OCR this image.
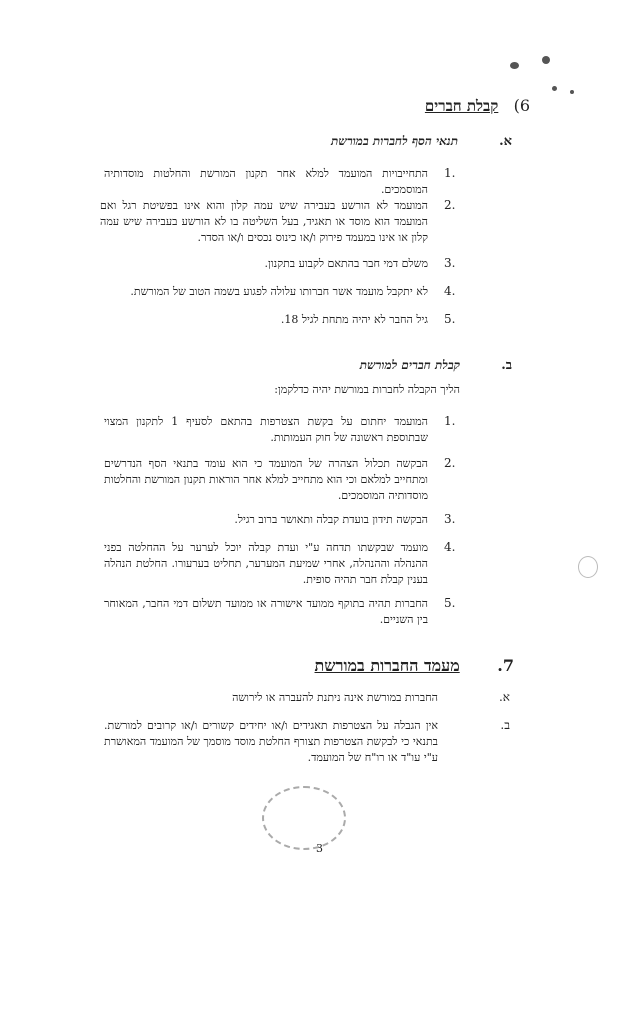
6) קבלת חברים
א. תנאי הסף לחברות במורשת
1.
התחייבויות המועמד למלא אחר תקנון המורשת והחלטות מוסדותיה המוסמכים.
2.
המועמד לא הורשע בעבירה שיש עמה קלון והוא אינו בפשיטת רגל ואם המועמד הוא מוסד או תאגיד, בעל השליטה בו לא הורשע בעבירה שיש עמה קלון או אינו במעמד פירוק ו/או כינוס נכסים ו/או הסדר.
3.
משלם דמי חבר בהתאם לקבוע בתקנון.
4.
לא יתקבל מועמד אשר חברותו עלולה לפגוע בשמה הטוב של המורשת.
5.
גיל החבר לא יהיה מתחת לגיל 18.
ב. קבלת חברים למורשת
הליך הקבלה לחברות במורשת יהיה כדלקמן:
1.
המועמד יחתום על בקשת הצטרפות בהתאם לסעיף 1 לתקנון המצוי שבתוספת ראשונה של חוק העמותות.
2.
הבקשה תכלול הצהרה של המועמד כי הוא עומד בתנאי הסף הנדרשים ומתחייב למלאם וכי הוא מתחייב למלא אחר הוראות תקנון המורשת והחלטות מוסדותיה המוסמכים.
3.
הבקשה תידון בועדת קבלה ותאושר ברוב רגיל.
4.
מועמד שבקשתו תדחה ע"י ועדת קבלה יוכל לערער על ההחלטה בפני ההנהלה וההנהלה, אחרי שמיעת המערער, תחליט בערעורו. החלטת הנהלה בענין קבלת חבר תהיה סופית.
5.
החברות תהיה בתוקף ממועד אישורה או ממועד תשלום דמי החבר, המאוחר בין השניים.
7. מעמד החברות במורשת
א.
החברות במורשת אינה ניתנת להעברה או לירושה
ב.
אין הגבלה על הצטרפות תאגידים ו/או יחידים קשורים ו/או קרובים למורשת. בתנאי כי לבקשת הצטרפות תצורף החלטת מוסד מוסמך של המועמד המאושרת ע"י עו"ד או רו"ח של המועמד.
3
